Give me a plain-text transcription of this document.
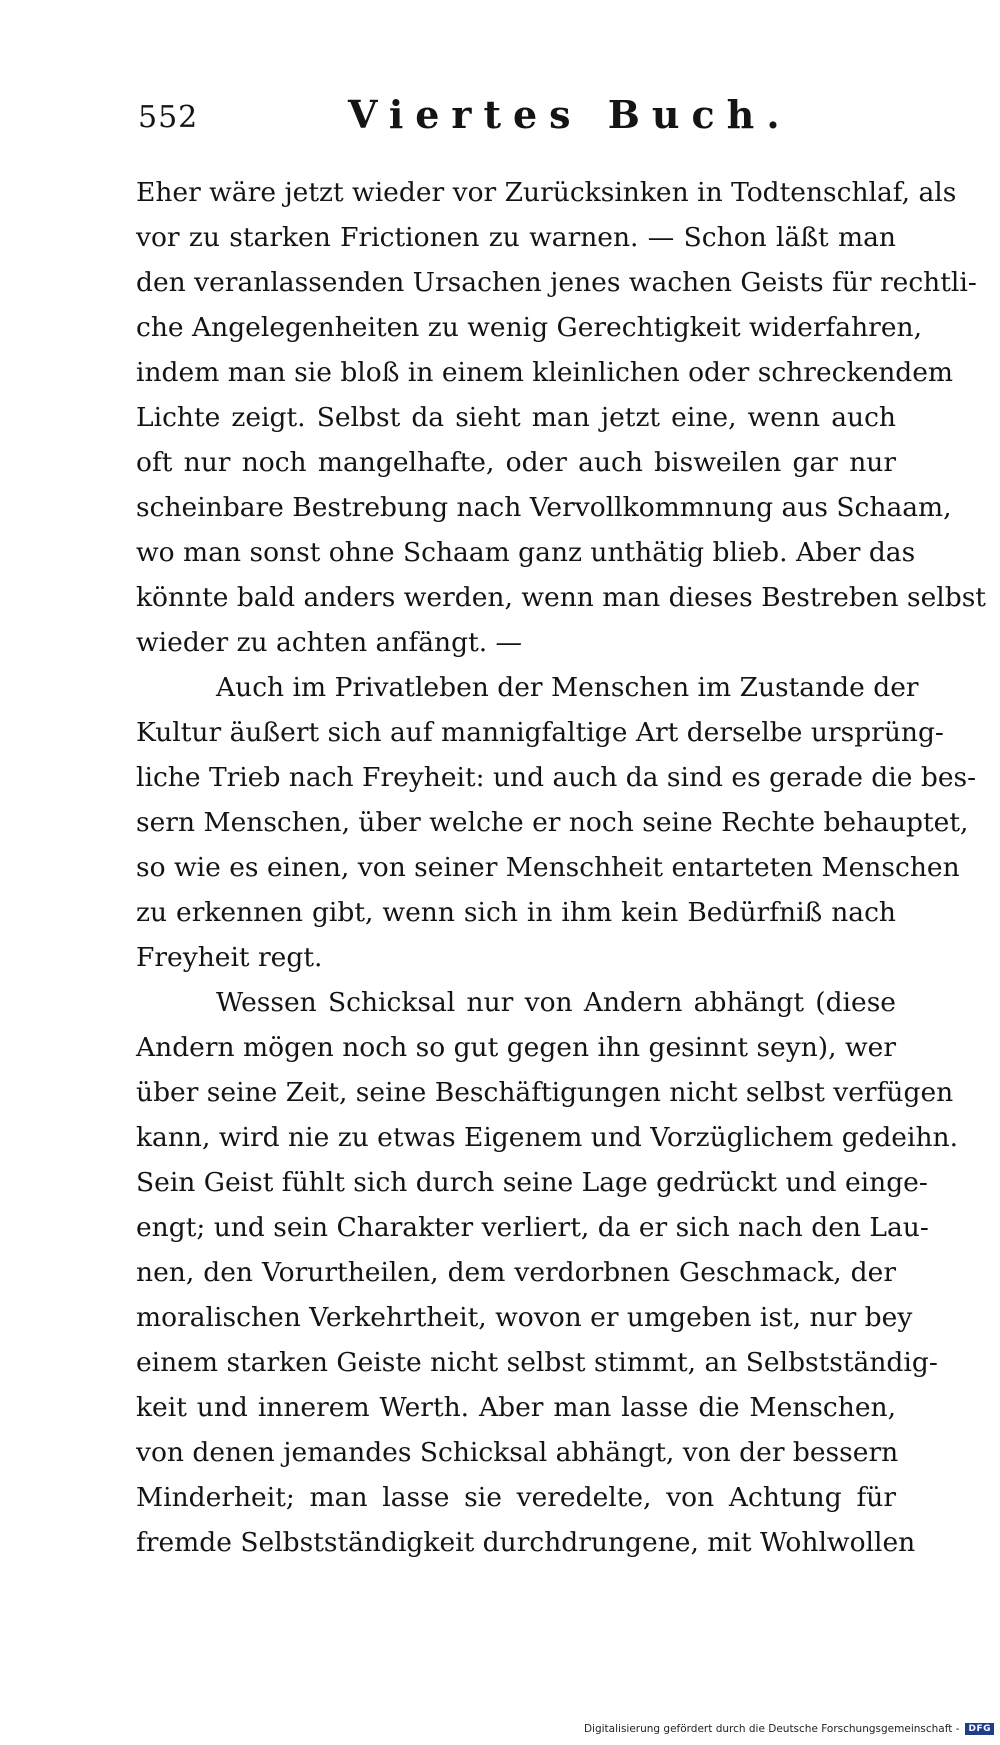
552	Viertes Buch.
Eher wäre jetzt wieder vor Zurücksinken in Todtenschlaf, als
vor zu starken Frictionen zu warnen. — Schon läßt man
den veranlassenden Ursachen jenes wachen Geists für rechtli-
che Angelegenheiten zu wenig Gerechtigkeit widerfahren,
indem man sie bloß in einem kleinlichen oder schreckendem
Lichte zeigt. Selbst da sieht man jetzt eine, wenn auch
oft nur noch mangelhafte, oder auch bisweilen gar nur
scheinbare Bestrebung nach Vervollkommnung aus Schaam,
wo man sonst ohne Schaam ganz unthätig blieb. Aber das
könnte bald anders werden, wenn man dieses Bestreben selbst
wieder zu achten anfängt. —
Auch im Privatleben der Menschen im Zustande der
Kultur äußert sich auf mannigfaltige Art derselbe ursprüng-
liche Trieb nach Freyheit: und auch da sind es gerade die bes-
sern Menschen, über welche er noch seine Rechte behauptet,
so wie es einen, von seiner Menschheit entarteten Menschen
zu erkennen gibt, wenn sich in ihm kein Bedürfniß nach
Freyheit regt.
Wessen Schicksal nur von Andern abhängt (diese
Andern mögen noch so gut gegen ihn gesinnt seyn), wer
über seine Zeit, seine Beschäftigungen nicht selbst verfügen
kann, wird nie zu etwas Eigenem und Vorzüglichem gedeihn.
Sein Geist fühlt sich durch seine Lage gedrückt und einge-
engt; und sein Charakter verliert, da er sich nach den Lau-
nen, den Vorurtheilen, dem verdorbnen Geschmack, der
moralischen Verkehrtheit, wovon er umgeben ist, nur bey
einem starken Geiste nicht selbst stimmt, an Selbstständig-
keit und innerem Werth. Aber man lasse die Menschen,
von denen jemandes Schicksal abhängt, von der bessern
Minderheit; man lasse sie veredelte, von Achtung für
fremde Selbstständigkeit durchdrungene, mit Wohlwollen
Digitalisierung gefördert durch die Deutsche Forschungsgemeinschaft -	DFG
